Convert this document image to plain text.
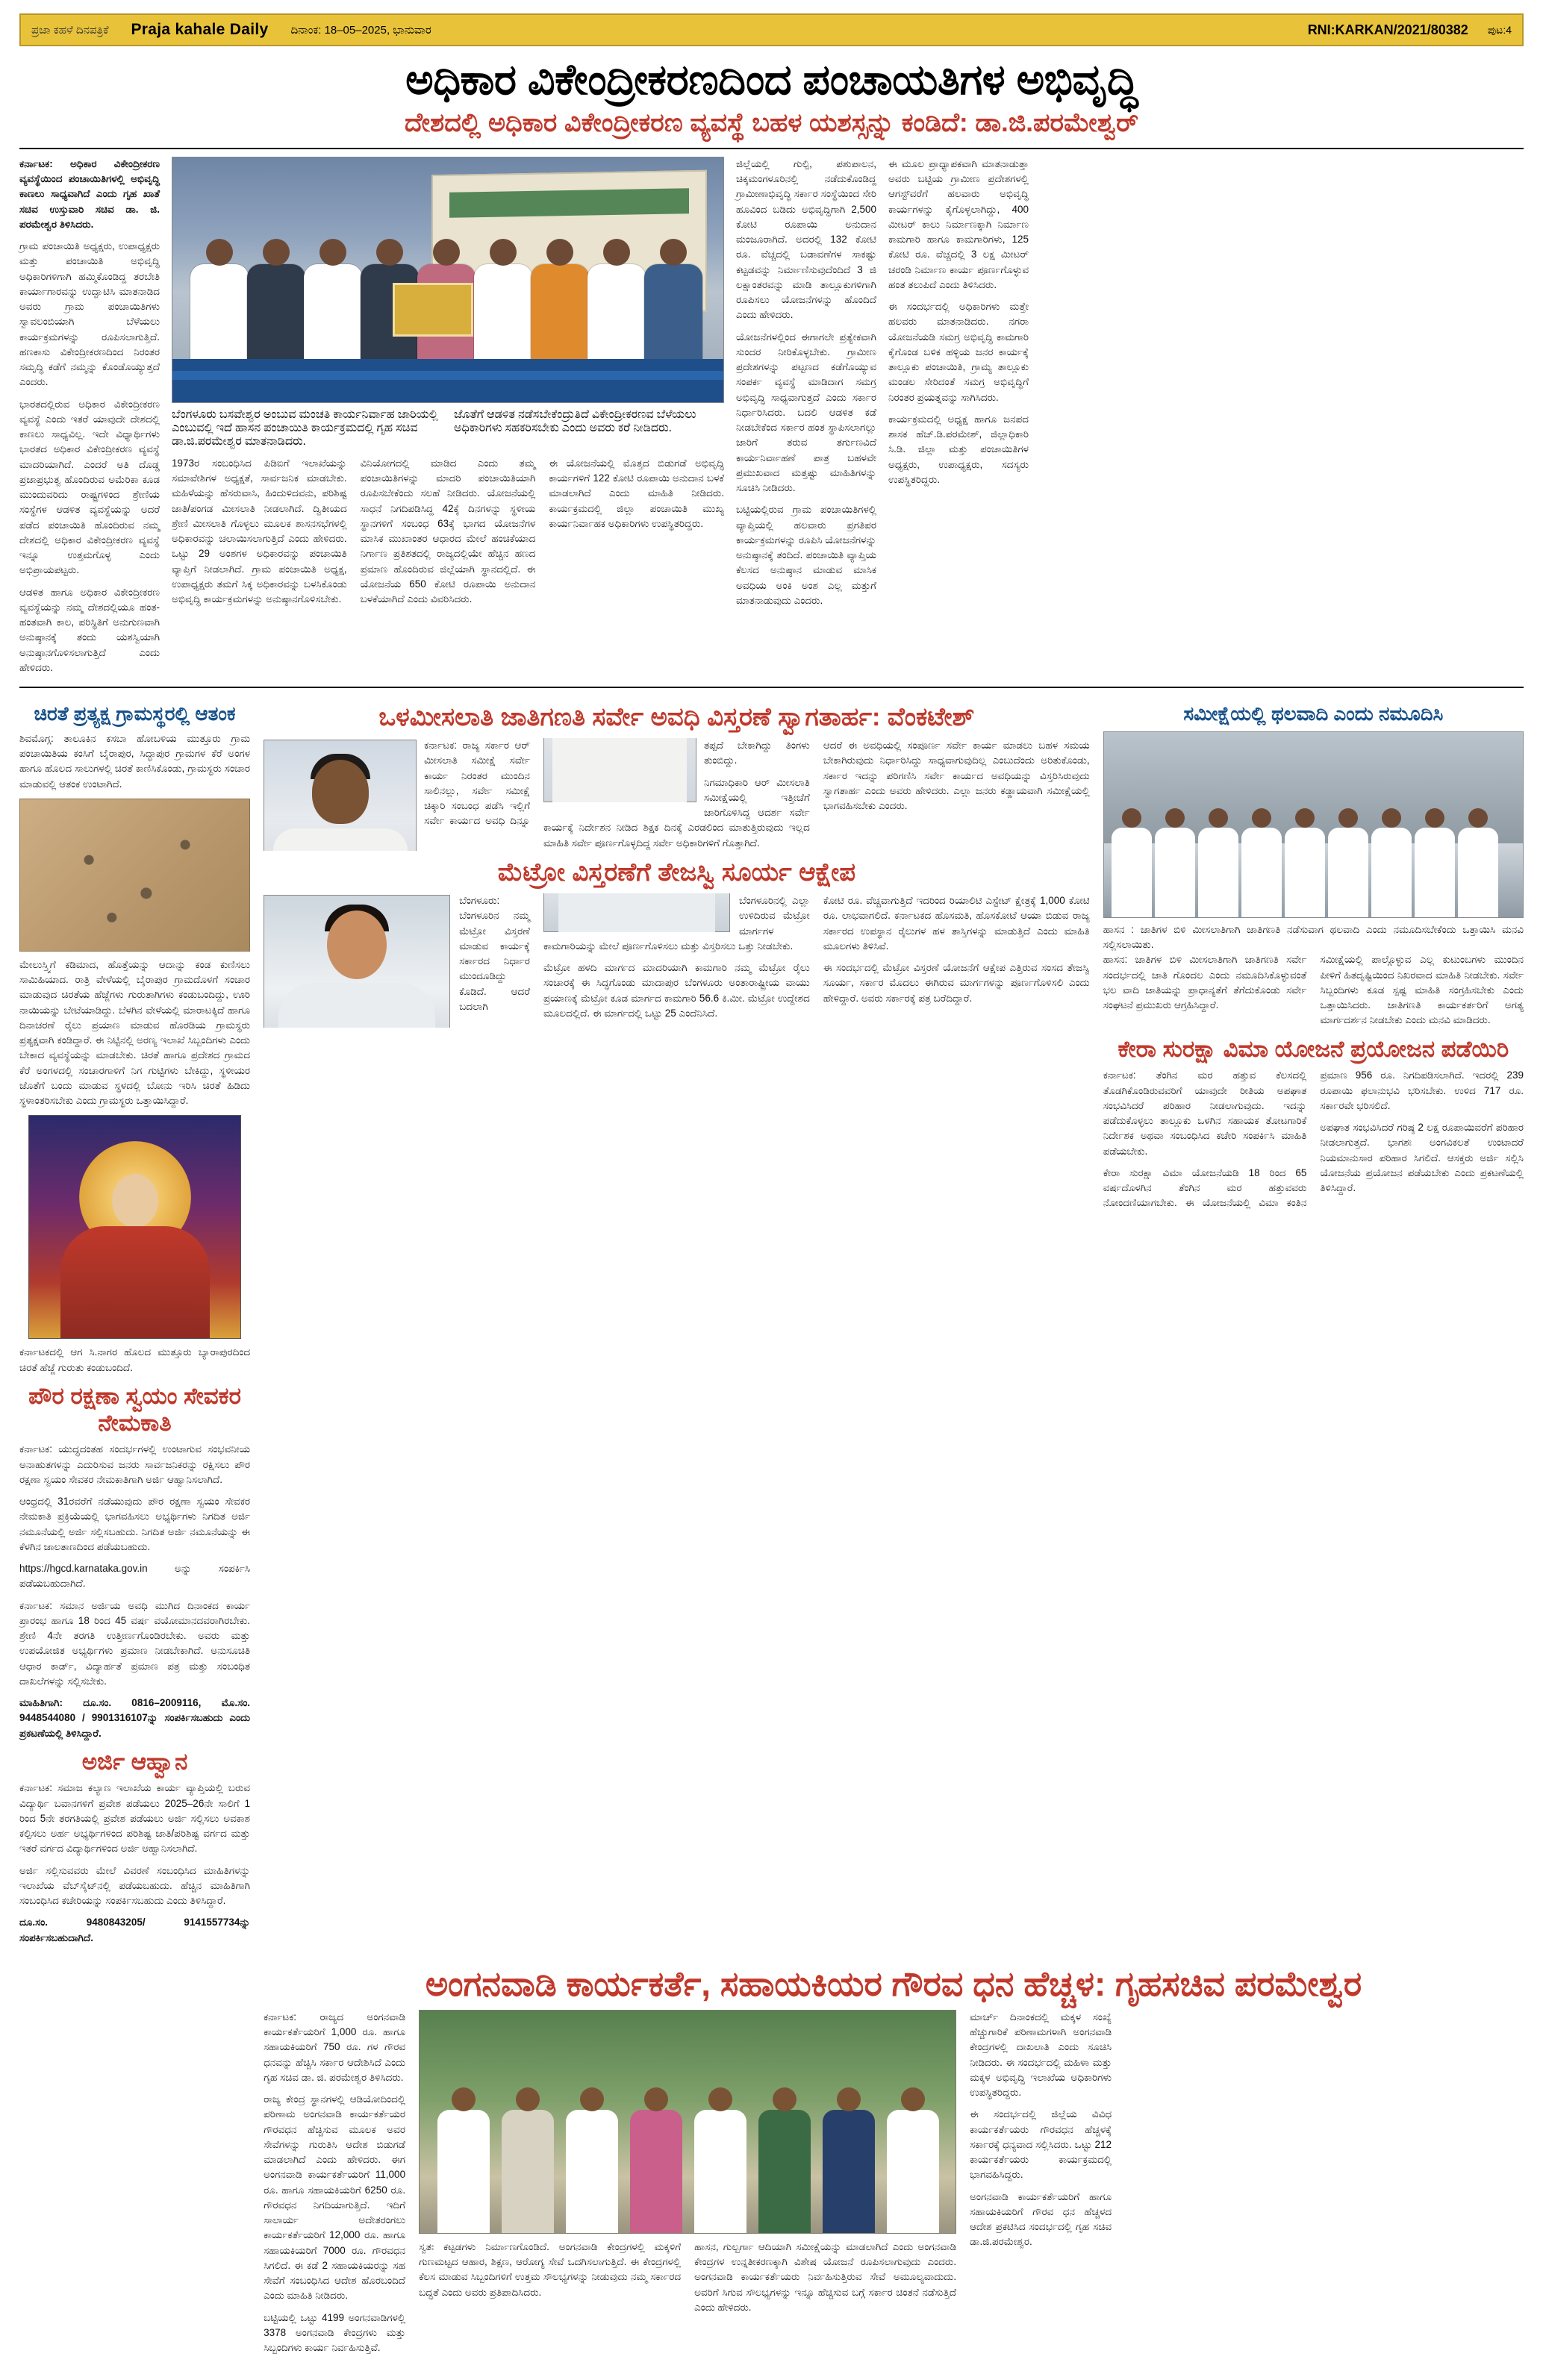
ಪ್ರಜಾ ಕಹಳೆ ದಿನಪತ್ರಿಕೆ Praja kahale Daily ದಿನಾಂಕ: 18–05–2025, ಭಾನುವಾರ	RNI:KARKAN/2021/80382 ಪುಟ:4
ಅಧಿಕಾರ ವಿಕೇಂದ್ರೀಕರಣದಿಂದ ಪಂಚಾಯತಿಗಳ ಅಭಿವೃದ್ಧಿ
ದೇಶದಲ್ಲಿ ಅಧಿಕಾರ ವಿಕೇಂದ್ರೀಕರಣ ವ್ಯವಸ್ಥೆ ಬಹಳ ಯಶಸ್ಸನ್ನು ಕಂಡಿದೆ: ಡಾ.ಜಿ.ಪರಮೇಶ್ವರ್

ಕರ್ನಾಟಕ: ಅಧಿಕಾರ ವಿಕೇಂದ್ರೀಕರಣ ವ್ಯವಸ್ಥೆಯಿಂದ ಪಂಚಾಯಿತಿಗಳಲ್ಲಿ ಅಭಿವೃದ್ಧಿ ಕಾಣಲು ಸಾಧ್ಯವಾಗಿದೆ ಎಂದು ಗೃಹ ಖಾತೆ ಸಚಿವ ಉಸ್ತುವಾರಿ ಸಚಿವ ಡಾ. ಜಿ. ಪರಮೇಶ್ವರ ತಿಳಿಸಿದರು.

ಗ್ರಾಮ ಪಂಚಾಯಿತಿ ಅಧ್ಯಕ್ಷರು, ಉಪಾಧ್ಯಕ್ಷರು ಮತ್ತು ಪಂಚಾಯಿತಿ ಅಭಿವೃದ್ಧಿ ಅಧಿಕಾರಿಗಳಿಗಾಗಿ ಹಮ್ಮಿಕೊಂಡಿದ್ದ ತರಬೇತಿ ಕಾರ್ಯಾಗಾರವನ್ನು ಉದ್ಘಾಟಿಸಿ ಮಾತನಾಡಿದ ಅವರು ಗ್ರಾಮ ಪಂಚಾಯಿತಿಗಳು ಸ್ವಾವಲಂಬಿಯಾಗಿ ಬೆಳೆಯಲು ಕಾರ್ಯಕ್ರಮಗಳನ್ನು ರೂಪಿಸಲಾಗುತ್ತಿದೆ. ಹಣಕಾಸು ವಿಕೇಂದ್ರೀಕರಣದಿಂದ ನಿರಂತರ ಸಮೃದ್ಧಿ ಕಡೆಗೆ ನಮ್ಮನ್ನು ಕೊಂಡೊಯ್ಯುತ್ತದೆ ಎಂದರು.

ಭಾರತದಲ್ಲಿರುವ ಅಧಿಕಾರ ವಿಕೇಂದ್ರೀಕರಣ ವ್ಯವಸ್ಥೆ ಎಂದು ಇತರೆ ಯಾವುದೇ ದೇಶದಲ್ಲಿ ಕಾಣಲು ಸಾಧ್ಯವಿಲ್ಲ. ಇದೇ ವಿಧ್ಯಾರ್ಥಿಗಳು ಭಾರತದ ಅಧಿಕಾರ ವಿಕೇಂದ್ರೀಕರಣ ವ್ಯವಸ್ಥೆ ಮಾದರಿಯಾಗಿದೆ. ಎಂದರೆ ಅತಿ ದೊಡ್ಡ ಪ್ರಜಾಪ್ರಭುತ್ವ ಹೊಂದಿರುವ ಅಮೆರಿಕಾ ಕೂಡ ಮುಂದುವರಿದು ರಾಷ್ಟ್ರಗಳಿಂದ ಶ್ರೇಣಿಯ ಸಂಸ್ಥೆಗಳ ಆಡಳಿತ ವ್ಯವಸ್ಥೆಯನ್ನು ಅದರೆ ಪಡೆದ ಪಂಚಾಯಿತಿ ಹೊಂದಿರುವ ನಮ್ಮ ದೇಶದಲ್ಲಿ ಅಧಿಕಾರ ವಿಕೇಂದ್ರೀಕರಣ ವ್ಯವಸ್ಥೆ ಇನ್ನೂ ಉತ್ತಮಗೊಳ್ಳ ಎಂದು ಅಭಿಪ್ರಾಯಪಟ್ಟರು.

ಆಡಳಿತ ಹಾಗೂ ಅಧಿಕಾರ ವಿಕೇಂದ್ರೀಕರಣ ವ್ಯವಸ್ಥೆಯನ್ನು ನಮ್ಮ ದೇಶದಲ್ಲಿಯೂ ಹಂತ-ಹಂತವಾಗಿ ಕಾಲ, ಪರಿಸ್ಥಿತಿಗೆ ಅನುಗುಣವಾಗಿ ಅನುಷ್ಠಾನಕ್ಕೆ ತಂದು ಯಶಸ್ವಿಯಾಗಿ ಅನುಷ್ಠಾನಗೊಳಿಸಲಾಗುತ್ತಿದೆ ಎಂದು ಹೇಳಿದರು.

ಬೆಂಗಳೂರು ಬಸವೇಶ್ವರ ಅಂಬುವ ಮಂಚತಿ ಕಾರ್ಯನಿರ್ವಾಹ ಜಾರಿಯಲ್ಲಿ ಎಂಬುವಲ್ಲಿ ಇದೆ ಹಾಸನ ಪಂಚಾಯಿತಿ ಕಾರ್ಯಕ್ರಮದಲ್ಲಿ ಗೃಹ ಸಚಿವ ಡಾ.ಜಿ.ಪರಮೇಶ್ವರ ಮಾತನಾಡಿದರು.
ಜೊತೆಗೆ ಆಡಳಿತ ನಡೆಸಬೇಕೆಂದ್ರುತಿದೆ ವಿಕೇಂದ್ರೀಕರಣವ ಬೆಳೆಯಲು ಅಧಿಕಾರಿಗಳು ಸಹಕರಿಸಬೇಕು ಎಂದು ಅವರು ಕರೆ ನೀಡಿದರು.
1973ರ ಸಂಬಂಧಿಸಿದ ಪಿಡಿಐಗೆ ಇಲಾಖೆಯನ್ನು ಸಮಾವೇಶಿಗಳ ಅಧ್ಯಕ್ಷತೆ, ಸಾರ್ವಜನಿಕ ಮಾಡಬೇಕು. ಮಹಿಳೆಯನ್ನು ಹೆಸರುವಾಸಿ, ಹಿಂದುಳಿದವನು, ಪರಿಶಿಷ್ಟ ಜಾತಿ/ಪಂಗಡ ಮೀಸಲಾತಿ ನೀಡಲಾಗಿದೆ. ದ್ವಿತೀಯದ ಶ್ರೇಣಿ ಮೀಸಲಾತಿ ಗೊಳ್ಳಲು ಮೂಲಕ ಶಾಸನಸಭೆಗಳಲ್ಲಿ ಅಧಿಕಾರವನ್ನು ಚಲಾಯಿಸಲಾಗುತ್ತಿದೆ ಎಂದು ಹೇಳಿದರು. ಒಟ್ಟು 29 ಅಂಶಗಳ ಅಧಿಕಾರವನ್ನು ಪಂಚಾಯಿತಿ ವ್ಯಾಪ್ತಿಗೆ ನೀಡಲಾಗಿದೆ. ಗ್ರಾಮ ಪಂಚಾಯಿತಿ ಅಧ್ಯಕ್ಷ, ಉಪಾಧ್ಯಕ್ಷರು ತಮಗೆ ಸಿಕ್ಕ ಅಧಿಕಾರವನ್ನು ಬಳಸಿಕೊಂಡು ಅಭಿವೃದ್ಧಿ ಕಾರ್ಯಕ್ರಮಗಳನ್ನು ಅನುಷ್ಠಾನಗೊಳಿಸಬೇಕು.
ವಿನಿಯೋಗದಲ್ಲಿ ಮಾಡಿದ ಎಂದು ತಮ್ಮ ಪಂಚಾಯಿತಿಗಳನ್ನು ಮಾದರಿ ಪಂಚಾಯಿತಿಯಾಗಿ ರೂಪಿಸಬೇಕೆಂದು ಸಲಹೆ ನೀಡಿದರು. ಯೋಜನೆಯಲ್ಲಿ ಸಾಧನೆ ನಿಗದಿಪಡಿಸಿದ್ದ 42ಕ್ಕೆ ದಿನಗಳನ್ನು ಸ್ಥಳೀಯ ಸ್ಥಾನಗಳಿಗೆ ಸಂಬಂಧ 63ಕ್ಕೆ ಭಾಗದ ಯೋಜನೆಗಳ ಮಾಸಿಕ ಮುಖಾಂತರ ಆಧಾರದ ಮೇಲೆ ಹಂಚಿಕೆಯಾದ ನಿರ್ಗಾಣ ಪ್ರತಿಶತದಲ್ಲಿ ರಾಜ್ಯದಲ್ಲಿಯೇ ಹೆಚ್ಚಿನ ಹಣದ ಪ್ರಮಾಣ ಹೊಂದಿರುವ ಜಿಲ್ಲೆಯಾಗಿ ಸ್ಥಾನದಲ್ಲಿದೆ. ಈ ಯೋಜನೆಯ 650 ಕೋಟಿ ರೂಪಾಯಿ ಅನುದಾನ ಬಳಕೆಯಾಗಿದೆ ಎಂದು ವಿವರಿಸಿದರು.
ಈ ಯೋಜನೆಯಲ್ಲಿ ಮೊತ್ತದ ಬಿಡುಗಡೆ ಅಭಿವೃದ್ಧಿ ಕಾರ್ಯಗಳಿಗೆ 122 ಕೋಟಿ ರೂಪಾಯಿ ಅನುದಾನ ಬಳಕೆ ಮಾಡಲಾಗಿದೆ ಎಂದು ಮಾಹಿತಿ ನೀಡಿದರು. ಕಾರ್ಯಕ್ರಮದಲ್ಲಿ ಜಿಲ್ಲಾ ಪಂಚಾಯಿತಿ ಮುಖ್ಯ ಕಾರ್ಯನಿರ್ವಾಹಕ ಅಧಿಕಾರಿಗಳು ಉಪಸ್ಥಿತರಿದ್ದರು.

ಜಿಲ್ಲೆಯಲ್ಲಿ ಗುಲ್ಪಿ, ಪಶುಪಾಲನ, ಚಿಕ್ಕಮಂಗಳೂರಿನಲ್ಲಿ ನಡೆದುಕೊಂಡಿದ್ದ ಗ್ರಾಮೀಣಾಭಿವೃದ್ಧಿ ಸರ್ಕಾರ ಸಂಸ್ಥೆಯಿಂದ ಸೇರಿ ಹೂವಿಂದ ಬಡಿದು ಅಭಿವೃದ್ಧಿಗಾಗಿ 2,500 ಕೋಟಿ ರೂಪಾಯಿ ಅನುದಾನ ಮಂಜೂರಾಗಿದೆ. ಅದರಲ್ಲಿ 132 ಕೋಟಿ ರೂ. ವೆಚ್ಚದಲ್ಲಿ ಬಡಾವಣೆಗಳ ಸಾಕಷ್ಟು ಕಟ್ಟಡವನ್ನು ನಿರ್ಮಾಣಿಸುವುದೆಂದಿದೆ 3 ಜಿ ಲಕ್ಷಾಂತರವನ್ನು ಮಾಡಿ ತಾಲ್ಲೂಕುಗಳಿಗಾಗಿ ರೂಪಿಸಲು ಯೋಜನೆಗಳನ್ನು ಹೊಂದಿದೆ ಎಂದು ಹೇಳಿದರು.

ಯೋಜನೆಗಳಲ್ಲಿಂದ ಈಗಾಗಲೇ ಪ್ರತ್ಯೇಕವಾಗಿ ಸುಂದರ ನೀರಿಕೊಳ್ಳಬೇಕು. ಗ್ರಾಮೀಣ ಪ್ರದೇಶಗಳನ್ನು ಪಟ್ಟಣದ ಕಡೆಗೊಯ್ಯುವ ಸಂಪರ್ಕ ವ್ಯವಸ್ಥೆ ಮಾಡಿದಾಗ ಸಮಗ್ರ ಅಭಿವೃದ್ಧಿ ಸಾಧ್ಯವಾಗುತ್ತದೆ ಎಂದು ಸರ್ಕಾರ ನಿರ್ಧಾರಿಸಿದರು. ಬದಲಿ ಆಡಳಿತ ಕಡೆ ನೀಡಬೇಕೆಂದ ಸರ್ಕಾರ ಹಂತ ಸ್ಥಾಪಿಸಲಾಗಲ್ಲು ಜಾರಿಗೆ ತರುವ ತರ್ಗುಣವಿದೆ ಕಾರ್ಯನಿರ್ವಾಹಣೆ ಪಾತ್ರ ಬಹಳವೇ ಪ್ರಮುಖವಾದ ಮತ್ತಷ್ಟು ಮಾಹಿತಿಗಳನ್ನು ಸೂಚಿಸಿ ನೀಡಿದರು.

ಬಟ್ಟಿಯಲ್ಲಿರುವ ಗ್ರಾಮ ಪಂಚಾಯಿತಿಗಳಲ್ಲಿ ವ್ಯಾಪ್ತಿಯಲ್ಲಿ ಹಲವಾರು ಪ್ರಗತಿಪರ ಕಾರ್ಯಕ್ರಮಗಳನ್ನು ರೂಪಿಸಿ ಯೋಜನೆಗಳನ್ನು ಅನುಷ್ಠಾನಕ್ಕೆ ತಂದಿದೆ. ಪಂಚಾಯಿತಿ ವ್ಯಾಪ್ತಿಯ ಕೆಲಸದ ಅನುಷ್ಠಾನ ಮಾಡುವ ಮಾಸಿಕ ಅವಧಿಯ ಅಂಕಿ ಅಂಶ ಎಲ್ಲ ಮತ್ತುಗೆ ಮಾತನಾಡುವುದು ಎಂದರು.

ಈ ಮೂಲ ಪ್ರಾಧ್ಯಾಪಕವಾಗಿ ಮಾತನಾಡುತ್ತಾ ಅವರು ಬಟ್ಟಿಯ ಗ್ರಾಮೀಣ ಪ್ರದೇಶಗಳಲ್ಲಿ ಆಗಸ್ಟ್‌ವರೆಗೆ ಹಲವಾರು ಅಭಿವೃದ್ಧಿ ಕಾರ್ಯಗಳನ್ನು ಕೈಗೊಳ್ಳಲಾಗಿದ್ದು, 400 ಮೀಟರ್ ಕಾಲು ನಿರ್ಮಾಣಕ್ಕಾಗಿ ನಿರ್ಮಾಣ ಕಾಮಗಾರಿ ಹಾಗೂ ಕಾಮಗಾರಿಗಳು, 125 ಕೋಟಿ ರೂ. ವೆಚ್ಚದಲ್ಲಿ 3 ಲಕ್ಷ ಮೀಟರ್ ಚರಂಡಿ ನಿರ್ಮಾಣ ಕಾರ್ಯ ಪೂರ್ಣಗೊಳ್ಳುವ ಹಂತ ತಲುಪಿದೆ ಎಂದು ತಿಳಿಸಿದರು.

ಈ ಸಂದರ್ಭದಲ್ಲಿ ಅಧಿಕಾರಿಗಳು ಮತ್ತೇ ಹಲವರು ಮಾತನಾಡಿದರು. ನಗರಾ ಯೋಜನೆಯಡಿ ಸಮಗ್ರ ಅಭಿವೃದ್ಧಿ ಕಾಮಗಾರಿ ಕೈಗೊಂಡ ಬಳಿಕ ಹಳ್ಳಿಯ ಜನರ ಕಾರ್ಯಕ್ಕೆ ತಾಲ್ಲೂಕು ಪಂಚಾಯಿತಿ, ಗ್ರಾಮ್ಯ ತಾಲ್ಲೂಕು ಮಂಡಲ ಸೇರಿದಂತೆ ಸಮಗ್ರ ಅಭಿವೃದ್ಧಿಗೆ ನಿರಂತರ ಪ್ರಯತ್ನವನ್ನು ಸಾಗಿಸಿದರು.

ಕಾರ್ಯಕ್ರಮದಲ್ಲಿ ಅಧ್ಯಕ್ಷ ಹಾಗೂ ಜನಪದ ಶಾಸಕ ಹೆಚ್.ಡಿ.ಪರಮೇಶ್, ಜಿಲ್ಲಾಧಿಕಾರಿ ಸಿ.ಡಿ. ಜಿಲ್ಲಾ ಮತ್ತು ಪಂಚಾಯಿತಿಗಳ ಅಧ್ಯಕ್ಷರು, ಉಪಾಧ್ಯಕ್ಷರು, ಸದಸ್ಯರು ಉಪಸ್ಥಿತರಿದ್ದರು.

ಚಿರತೆ ಪ್ರತ್ಯಕ್ಷ ಗ್ರಾಮಸ್ಥರಲ್ಲಿ ಆತಂಕ

ಶಿವಮೊಗ್ಗ: ತಾಲೂಕಿನ ಕಸಬಾ ಹೋಬಳಿಯ ಮುತ್ತೂರು ಗ್ರಾಮ ಪಂಚಾಯಿತಿಯ ಕಂಸಿಗೆ ಬೈರಾಪುರ, ಸಿದ್ಧಾಪುರ ಗ್ರಾಮಗಳ ಕೆರೆ ಅಂಗಳ ಹಾಗೂ ಹೊಲದ ಸಾಲುಗಳಲ್ಲಿ ಚಿರತೆ ಕಾಣಿಸಿಕೊಂಡು, ಗ್ರಾಮಸ್ಥರು ಸಂಚಾರ ಮಾಡುವಲ್ಲಿ ಆತಂಕ ಉಂಟಾಗಿದೆ.

ಮೇಲುಸ್ತ್ವಿಗೆ ಕಡಿಮಾದ, ಹೊತ್ತೆಯನ್ನು ಆದಾನ್ನು ಕಂಡ ಕುಣಿಸಲು ಸಾಮಿಹಿಯಾದ. ರಾತ್ರಿ ವೇಳೆಯಲ್ಲಿ ಬೈರಾಪುರ ಗ್ರಾಮದೊಳಗೆ ಸಂಚಾರ ಮಾಡುವುದ ಚಿರತೆಯ ಹೆಜ್ಜೆಗಳು ಗುರುತಾಗಿಗಳು ಕಂಡುಬಂದಿದ್ದು, ಊರಿ ನಾಯಿಯನ್ನು ಬೇಟೆಯಾಡಿದ್ದು. ಬೆಳಗಿನ ವೇಳೆಯಲ್ಲಿ ಮಾರಾಟಕ್ಕಿದೆ ಹಾಗೂ ದಿನಾಚರಣೆ ರೈಲು ಪ್ರಯಾಣ ಮಾಡುವ ಹೊರಡಿಯ ಗ್ರಾಮಸ್ಥರು ಪ್ರತ್ಯಕ್ಷವಾಗಿ ಕಂಡಿದ್ದಾರೆ. ಈ ನಿಟ್ಟಿನಲ್ಲಿ ಅರಣ್ಯ ಇಲಾಖೆ ಸಿಬ್ಬಂದಿಗಳು ಎಂದು ಬೇಕಾದ ವ್ಯವಸ್ಥೆಯನ್ನು ಮಾಡಬೇಕು. ಚಿರತೆ ಹಾಗೂ ಪ್ರದೇಶದ ಗ್ರಾಮದ ಕೆರೆ ಅಂಗಳದಲ್ಲಿ ಸಂಚಾರಗಾಳಿಗೆ ನಿಗ ಗುಟ್ಟಿಗಳು ಬೇಕಿದ್ದು, ಸ್ಥಳೀಯರ ಜೊತೆಗೆ ಬಂದು ಮಾಡುವ ಸ್ಥಳದಲ್ಲಿ ಬೋನು ಇರಿಸಿ ಚಿರತೆ ಹಿಡಿದು ಸ್ಥಳಾಂತರಿಸಬೇಕು ಎಂದು ಗ್ರಾಮಸ್ಥರು ಒತ್ತಾಯಿಸಿದ್ದಾರೆ.

ಕರ್ನಾಟಕದಲ್ಲಿ ಆಗ ಸಿ.ನಾಗರ ಹೊಲದ ಮುತ್ತೂರು ಬ್ಯಾರಾಪುರದಿಂದ ಚಿರತೆ ಹೆಜ್ಜೆ ಗುರುತು ಕಂಡುಬಂದಿದೆ.
ಪೌರ ರಕ್ಷಣಾ ಸ್ವಯಂ ಸೇವಕರ ನೇಮಕಾತಿ

ಕರ್ನಾಟಕ: ಯುದ್ಧದಂತಹ ಸಂದರ್ಭಗಳಲ್ಲಿ ಉಂಟಾಗುವ ಸಂಭವನೀಯ ಅನಾಹುತಗಳನ್ನು ಎದುರಿಸುವ ಜನರು ಸಾರ್ವಜನಿಕರನ್ನು ರಕ್ಷಿಸಲು ಪೌರ ರಕ್ಷಣಾ ಸ್ವಯಂ ಸೇವಕರ ನೇಮಕಾತಿಗಾಗಿ ಅರ್ಜಿ ಆಹ್ವಾನಿಸಲಾಗಿದೆ.

ಆಂಧ್ರದಲ್ಲಿ 31ರವರೆಗೆ ನಡೆಯುವುದು ಪೌರ ರಕ್ಷಣಾ ಸ್ವಯಂ ಸೇವಕರ ನೇಮಕಾತಿ ಪ್ರಕ್ರಿಯೆಯಲ್ಲಿ ಭಾಗವಹಿಸಲು ಅಭ್ಯರ್ಥಿಗಳು ನಿಗದಿತ ಅರ್ಜಿ ನಮೂನೆಯಲ್ಲಿ ಅರ್ಜಿ ಸಲ್ಲಿಸಬಹುದು. ನಿಗದಿತ ಅರ್ಜಿ ನಮೂನೆಯನ್ನು ಈ ಕೆಳಗಿನ ಜಾಲತಾಣದಿಂದ ಪಡೆಯಬಹುದು.

https://hgcd.karnataka.gov.in ಅನ್ನು ಸಂಪರ್ಕಿಸಿ ಪಡೆಯಬಹುದಾಗಿದೆ.

ಕರ್ನಾಟಕ: ಸಮಾನ ಅರ್ಜಿಯ ಅವಧಿ ಮುಗಿದ ದಿನಾಂಕದ ಕಾರ್ಯ ಪ್ರಾರಂಭ ಹಾಗೂ 18 ರಿಂದ 45 ವರ್ಷ ವಯೋಮಾನದವರಾಗಿರಬೇಕು. ಶ್ರೇಣಿ 4ನೇ ತರಗತಿ ಉತ್ತೀರ್ಣಗೊಂಡಿರಬೇಕು. ಅವರು ಮತ್ತು ಉಪಯೋಜಿತ ಅಭ್ಯರ್ಥಿಗಳು ಪ್ರಮಾಣ ನೀಡಬೇಕಾಗಿದೆ. ಅನುಸೂಚಿತಿ ಆಧಾರ ಕಾರ್ಡ್, ವಿದ್ಯಾರ್ಹತೆ ಪ್ರಮಾಣ ಪತ್ರ ಮತ್ತು ಸಂಬಂಧಿತ ದಾಖಲೆಗಳನ್ನು ಸಲ್ಲಿಸಬೇಕು.

ಮಾಹಿತಿಗಾಗಿ: ದೂ.ಸಂ. 0816–2009116, ಮೊ.ಸಂ. 9448544080 / 9901316107ನ್ನು ಸಂಪರ್ಕಿಸಬಹುದು ಎಂದು ಪ್ರಕಟಣೆಯಲ್ಲಿ ತಿಳಿಸಿದ್ದಾರೆ.

ಅರ್ಜಿ ಆಹ್ವಾನ

ಕರ್ನಾಟಕ: ಸಮಾಜ ಕಲ್ಯಾಣ ಇಲಾಖೆಯ ಕಾರ್ಯ ವ್ಯಾಪ್ತಿಯಲ್ಲಿ ಬರುವ ವಿದ್ಯಾರ್ಥಿ ಬವಾನಗಳಿಗೆ ಪ್ರವೇಶ ಪಡೆಯಲು 2025–26ನೇ ಸಾಲಿಗೆ 1 ರಿಂದ 5ನೇ ತರಗತಿಯಲ್ಲಿ ಪ್ರವೇಶ ಪಡೆಯಲು ಅರ್ಜಿ ಸಲ್ಲಿಸಲು ಅವಕಾಶ ಕಲ್ಪಿಸಲು ಅರ್ಹ ಅಭ್ಯರ್ಥಿಗಳಿಂದ ಪರಿಶಿಷ್ಟ ಜಾತಿ/ಪರಿಶಿಷ್ಟ ವರ್ಗದ ಮತ್ತು ಇತರೆ ವರ್ಗದ ವಿದ್ಯಾರ್ಥಿಗಳಿಂದ ಅರ್ಜಿ ಆಹ್ವಾನಿಸಲಾಗಿದೆ.

ಅರ್ಜಿ ಸಲ್ಲಿಸುವವರು ಮೇಲೆ ವಿವರಣೆ ಸಂಬಂಧಿಸಿದ ಮಾಹಿತಿಗಳನ್ನು ಇಲಾಖೆಯ ವೆಬ್‌ಸೈಟ್‌ನಲ್ಲಿ ಪಡೆಯಬಹುದು. ಹೆಚ್ಚಿನ ಮಾಹಿತಿಗಾಗಿ ಸಂಬಂಧಿಸಿದ ಕಚೇರಿಯನ್ನು ಸಂಪರ್ಕಿಸಬಹುದು ಎಂದು ತಿಳಿಸಿದ್ದಾರೆ.

ದೂ.ಸಂ. 9480843205/ 9141557734ನ್ನು ಸಂಪರ್ಕಿಸಬಹುದಾಗಿದೆ.

ಒಳಮೀಸಲಾತಿ ಜಾತಿಗಣತಿ ಸರ್ವೇ ಅವಧಿ ವಿಸ್ತರಣೆ ಸ್ವಾಗತಾರ್ಹ: ವೆಂಕಟೇಶ್

ಕರ್ನಾಟಕ: ರಾಜ್ಯ ಸರ್ಕಾರ ಆರ್ ಮೀಸಲಾತಿ ಸಮೀಕ್ಷೆ ಸರ್ವೇ ಕಾರ್ಯ ನಿರಂತರ ಮುಂದಿನ ಸಾಲಿನಲ್ಲು, ಸರ್ವೇ ಸಮೀಕ್ಷೆ ಚಿಕ್ಕಾರಿ ಸಂಬಂಧ ಪಡೆಸಿ ಇಲ್ಲಿಗೆ ಸರ್ವೇ ಕಾರ್ಯದ ಅವಧಿ ದಿನ್ನೂ ತಪ್ಪದೆ ಬೇಕಾಗಿದ್ದು ತಿಂಗಳು ತುಂಬಿದ್ದು.

ನಿಗಮಾಧಿಕಾರಿ ಆರ್ ಮೀಸಲಾತಿ ಸಮೀಕ್ಷೆಯಲ್ಲಿ ಇತ್ತೀಚೆಗೆ ಜಾರಿಗೊಳಿಸಿದ್ದ ಆದರ್ಶ ಸರ್ವೇ ಕಾರ್ಯಕ್ಕೆ ನಿರ್ದೇಶನ ನೀಡಿದ ಶಿಕ್ಷಕ ದಿನಕ್ಕೆ ಎರಡಲಿಂದ ಮಾತುತ್ತಿರುವುದು ಇಲ್ಲದ ಮಾಹಿತಿ ಸರ್ವೇ ಪೂರ್ಣಗೊಳ್ಳದಿದ್ದ ಸರ್ವೇ ಅಧಿಕಾರಿಗಳಿಗೆ ಗೊತ್ತಾಗಿದೆ.

ಆದರೆ ಈ ಅವಧಿಯಲ್ಲಿ ಸಂಪೂರ್ಣ ಸರ್ವೇ ಕಾರ್ಯ ಮಾಡಲು ಬಹಳ ಸಮಯ ಬೇಕಾಗಿರುವುದು ನಿರ್ಧಾರಿಸಿದ್ದು ಸಾಧ್ಯವಾಗುವುದಿಲ್ಲ ಎಂಬುದೆಂದು ಅರಿತುಕೊಂಡು, ಸರ್ಕಾರ ಇದನ್ನು ಪರಿಗಣಿಸಿ ಸರ್ವೇ ಕಾರ್ಯದ ಅವಧಿಯನ್ನು ವಿಸ್ತರಿಸಿರುವುದು ಸ್ವಾಗತಾರ್ಹ ಎಂದು ಅವರು ಹೇಳಿದರು. ಎಲ್ಲಾ ಜನರು ಕಡ್ಡಾಯವಾಗಿ ಸಮೀಕ್ಷೆಯಲ್ಲಿ ಭಾಗವಹಿಸಬೇಕು ಎಂದರು.

ಮೆಟ್ರೋ ವಿಸ್ತರಣೆಗೆ ತೇಜಸ್ವಿ ಸೂರ್ಯ ಆಕ್ಷೇಪ

ಬೆಂಗಳೂರು: ಬೆಂಗಳೂರಿನ ನಮ್ಮ ಮೆಟ್ರೋ ವಿಸ್ತರಣೆ ಮಾಡುವ ಕಾರ್ಯಕ್ಕೆ ಸರ್ಕಾರದ ನಿರ್ಧಾರ ಮುಂದೂಡಿದ್ದು ಕೊಡಿದೆ. ಆದರೆ ಬದಲಾಗಿ ಬೆಂಗಳೂರಿನಲ್ಲಿ ಎಲ್ಲಾ ಉಳಿದಿರುವ ಮೆಟ್ರೋ ಮಾರ್ಗಗಳ ಕಾಮಗಾರಿಯನ್ನು ಮೇಲೆ ಪೂರ್ಣಗೊಳಿಸಲು ಮತ್ತು ವಿಸ್ತರಿಸಲು ಒತ್ತು ನೀಡಬೇಕು.

ಮೆಟ್ರೋ ಹಳದಿ ಮಾರ್ಗದ ಮಾದರಿಯಾಗಿ ಕಾಮಗಾರಿ ನಮ್ಮ ಮೆಟ್ರೋ ರೈಲು ಸಂಚಾರಕ್ಕೆ ಈ ಸಿದ್ಧಗೊಂಡು ಮಾದಾಪುರ ಬೆಂಗಳೂರು ಅಂತಾರಾಷ್ಟ್ರೀಯ ವಾಯು ಪ್ರಯಾಣಕ್ಕೆ ಮೆಟ್ರೋ ಕೂಡ ಮಾರ್ಗದ ಕಾಮಗಾರಿ 56.6 ಕಿ.ಮೀ. ಮೆಟ್ರೋ ಉದ್ದೇಶದ ಮೂಲದಲ್ಲಿದೆ. ಈ ಮಾರ್ಗದಲ್ಲಿ ಒಟ್ಟು 25 ಎಂದೆನಿಸಿದೆ.

ಕೋಟಿ ರೂ. ವೆಚ್ಚವಾಗುತ್ತಿದೆ ಇದರಿಂದ ರಿಯಾಲಿಟಿ ಎಸ್ಟೇಟ್ ಕ್ಷೇತ್ರಕ್ಕೆ 1,000 ಕೋಟಿ ರೂ. ಲಾಭವಾಗಲಿದೆ. ಕರ್ನಾಟಕದ ಹೊಸಮತಿ, ಹೊಸಕೋಟೆ ಆಯಾ ಬಿಡುವ ರಾಜ್ಯ ಸರ್ಕಾರದ ಉಪಸ್ಥಾನ ರೈಲುಗಳ ಹಳ ತಾಸ್ತಿಗಳನ್ನು ಮಾಡುತ್ತಿದೆ ಎಂದು ಮಾಹಿತಿ ಮೂಲಗಳು ತಿಳಿಸಿವೆ.

ಈ ಸಂದರ್ಭದಲ್ಲಿ ಮೆಟ್ರೋ ವಿಸ್ತರಣೆ ಯೋಜನೆಗೆ ಆಕ್ಷೇಪ ಎತ್ತಿರುವ ಸಂಸದ ತೇಜಸ್ವಿ ಸೂರ್ಯ, ಸರ್ಕಾರ ಮೊದಲು ಈಗಿರುವ ಮಾರ್ಗಗಳನ್ನು ಪೂರ್ಣಗೊಳಿಸಲಿ ಎಂದು ಹೇಳಿದ್ದಾರೆ. ಅವರು ಸರ್ಕಾರಕ್ಕೆ ಪತ್ರ ಬರೆದಿದ್ದಾರೆ.

ಸಮೀಕ್ಷೆಯಲ್ಲಿ ಥಲವಾದಿ ಎಂದು ನಮೂದಿಸಿ
ಹಾಸನ : ಜಾತಿಗಳ ಬಿಳಿ ಮೀಸಲಾತಿಗಾಗಿ ಜಾತಿಗಣತಿ ನಡೆಸುವಾಗ ಥಲವಾದಿ ಎಂದು ನಮೂದಿಸಬೇಕೆಂದು ಒತ್ತಾಯಿಸಿ ಮನವಿ ಸಲ್ಲಿಸಲಾಯಿತು.

ಹಾಸನ: ಜಾತಿಗಳ ಬಿಳಿ ಮೀಸಲಾತಿಗಾಗಿ ಜಾತಿಗಣತಿ ಸರ್ವೇ ಸಂದರ್ಭದಲ್ಲಿ ಜಾತಿ ಗೊಂದಲ ಎಂದು ನಮೂದಿಸಿಕೊಳ್ಳುವಂತೆ ಭಲ ವಾದಿ ಜಾತಿಯನ್ನು ಪ್ರಾಧಾನ್ಯತೆಗೆ ತೆಗೆದುಕೊಂಡು ಸರ್ವೇ ಸಂಘಟನೆ ಪ್ರಮುಖರು ಆಗ್ರಹಿಸಿದ್ದಾರೆ.

ಸಮೀಕ್ಷೆಯಲ್ಲಿ ಪಾಲ್ಗೊಳ್ಳುವ ಎಲ್ಲ ಕುಟುಂಬಗಳು ಮುಂದಿನ ಪೀಳಿಗೆ ಹಿತದೃಷ್ಟಿಯಿಂದ ನಿಖರವಾದ ಮಾಹಿತಿ ನೀಡಬೇಕು. ಸರ್ವೇ ಸಿಬ್ಬಂದಿಗಳು ಕೂಡ ಸ್ಪಷ್ಟ ಮಾಹಿತಿ ಸಂಗ್ರಹಿಸಬೇಕು ಎಂದು ಒತ್ತಾಯಿಸಿದರು. ಜಾತಿಗಣತಿ ಕಾರ್ಯಕರ್ತರಿಗೆ ಅಗತ್ಯ ಮಾರ್ಗದರ್ಶನ ನೀಡಬೇಕು ಎಂದು ಮನವಿ ಮಾಡಿದರು.

ಕೇರಾ ಸುರಕ್ಷಾ ವಿಮಾ ಯೋಜನೆ ಪ್ರಯೋಜನ ಪಡೆಯಿರಿ

ಕರ್ನಾಟಕ: ತೆಂಗಿನ ಮರ ಹತ್ತುವ ಕೆಲಸದಲ್ಲಿ ತೊಡಗಿಕೊಂಡಿರುವವರಿಗೆ ಯಾವುದೇ ರೀತಿಯ ಅಪಘಾತ ಸಂಭವಿಸಿದರೆ ಪರಿಹಾರ ನೀಡಲಾಗುವುದು. ಇದನ್ನು ಪಡೆದುಕೊಳ್ಳಲು ತಾಲ್ಲೂಕು ಒಳಗಿನ ಸಹಾಯಕ ತೋಟಗಾರಿಕೆ ನಿರ್ದೇಶಕ ಅಥವಾ ಸಂಬಂಧಿಸಿದ ಕಚೇರಿ ಸಂಪರ್ಕಿಸಿ ಮಾಹಿತಿ ಪಡೆಯಬೇಕು.

ಕೇರಾ ಸುರಕ್ಷಾ ವಿಮಾ ಯೋಜನೆಯಡಿ 18 ರಿಂದ 65 ವರ್ಷದೊಳಗಿನ ತೆಂಗಿನ ಮರ ಹತ್ತುವವರು ನೋಂದಣಿಯಾಗಬೇಕು. ಈ ಯೋಜನೆಯಲ್ಲಿ ವಿಮಾ ಕಂತಿನ ಪ್ರಮಾಣ 956 ರೂ. ನಿಗದಿಪಡಿಸಲಾಗಿದೆ. ಇದರಲ್ಲಿ 239 ರೂಪಾಯಿ ಫಲಾನುಭವಿ ಭರಿಸಬೇಕು. ಉಳಿದ 717 ರೂ. ಸರ್ಕಾರವೇ ಭರಿಸಲಿದೆ.

ಅಪಘಾತ ಸಂಭವಿಸಿದರೆ ಗರಿಷ್ಠ 2 ಲಕ್ಷ ರೂಪಾಯಿವರೆಗೆ ಪರಿಹಾರ ನೀಡಲಾಗುತ್ತದೆ. ಭಾಗಶಃ ಅಂಗವಿಕಲತೆ ಉಂಟಾದರೆ ನಿಯಮಾನುಸಾರ ಪರಿಹಾರ ಸಿಗಲಿದೆ. ಆಸಕ್ತರು ಅರ್ಜಿ ಸಲ್ಲಿಸಿ ಯೋಜನೆಯ ಪ್ರಯೋಜನ ಪಡೆಯಬೇಕು ಎಂದು ಪ್ರಕಟಣೆಯಲ್ಲಿ ತಿಳಿಸಿದ್ದಾರೆ.

ಅಂಗನವಾಡಿ ಕಾರ್ಯಕರ್ತೆ, ಸಹಾಯಕಿಯರ ಗೌರವ ಧನ ಹೆಚ್ಚಳ: ಗೃಹಸಚಿವ ಪರಮೇಶ್ವರ

ಕರ್ನಾಟಕ: ರಾಜ್ಯದ ಅಂಗನವಾಡಿ ಕಾರ್ಯಕರ್ತೆಯರಿಗೆ 1,000 ರೂ. ಹಾಗೂ ಸಹಾಯಕಿಯರಿಗೆ 750 ರೂ. ಗಳ ಗೌರವ ಧನವನ್ನು ಹೆಚ್ಚಿಸಿ ಸರ್ಕಾರ ಆದೇಶಿಸಿದೆ ಎಂದು ಗೃಹ ಸಚಿವ ಡಾ. ಜಿ. ಪರಮೇಶ್ವರ ತಿಳಿಸಿದರು.

ರಾಜ್ಯ ಕೇಂದ್ರ ಸ್ಥಾನಗಳಲ್ಲಿ ಆಡಿಯೋದಿಂದಲ್ಲಿ ಪರಿಣಾಮ ಅಂಗನವಾಡಿ ಕಾರ್ಯಕರ್ತೆಯರ ಗೌರವಧನ ಹೆಚ್ಚಿಸುವ ಮೂಲಕ ಅವರ ಸೇವೆಗಳನ್ನು ಗುರುತಿಸಿ ಆದೇಶ ಬಿಡುಗಡೆ ಮಾಡಲಾಗಿದೆ ಎಂದು ಹೇಳಿದರು. ಈಗ ಅಂಗನವಾಡಿ ಕಾರ್ಯಕರ್ತೆಯರಿಗೆ 11,000 ರೂ. ಹಾಗೂ ಸಹಾಯಕಿಯರಿಗೆ 6250 ರೂ. ಗೌರವಧನ ನಿಗದಿಯಾಗುತ್ತಿದೆ. ಇದಿಗೆ ಸಾಲಾರ್ಯ ಅದೇತರಂಗಲು ಕಾರ್ಯಕರ್ತೆಯರಿಗೆ 12,000 ರೂ. ಹಾಗೂ ಸಹಾಯಕಿಯರಿಗೆ 7000 ರೂ. ಗೌರವಧನ ಸಿಗಲಿದೆ. ಈ ಕಡೆ 2 ಸಹಾಯಕಿಯರನ್ನು ಸಹ ಸೇವೆಗೆ ಸಂಬಂಧಿಸಿದ ಆದೇಶ ಹೊರಬಂದಿದೆ ಎಂದು ಮಾಹಿತಿ ನೀಡಿದರು.

ಬಟ್ಟಿಯಲ್ಲಿ ಒಟ್ಟು 4199 ಅಂಗನವಾಡಿಗಳಲ್ಲಿ 3378 ಅಂಗನವಾಡಿ ಕೇಂದ್ರಗಳು ಮತ್ತು ಸಿಬ್ಬಂದಿಗಳು ಕಾರ್ಯ ನಿರ್ವಹಿಸುತ್ತಿವೆ.

ಸ್ವತಃ ಕಟ್ಟಡಗಳು ನಿರ್ಮಾಣಗೊಂಡಿದೆ. ಅಂಗನವಾಡಿ ಕೇಂದ್ರಗಳಲ್ಲಿ ಮಕ್ಕಳಿಗೆ ಗುಣಮಟ್ಟದ ಆಹಾರ, ಶಿಕ್ಷಣ, ಆರೋಗ್ಯ ಸೇವೆ ಒದಗಿಸಲಾಗುತ್ತಿದೆ. ಈ ಕೇಂದ್ರಗಳಲ್ಲಿ ಕೆಲಸ ಮಾಡುವ ಸಿಬ್ಬಂದಿಗಳಿಗೆ ಉತ್ತಮ ಸೌಲಭ್ಯಗಳನ್ನು ನೀಡುವುದು ನಮ್ಮ ಸರ್ಕಾರದ ಬದ್ಧತೆ ಎಂದು ಅವರು ಪ್ರತಿಪಾದಿಸಿದರು.

ಹಾಸನ, ಗುಲ್ಬರ್ಗಾ ಆದಿಯಾಗಿ ಸಮೀಕ್ಷೆಯನ್ನು ಮಾಡಲಾಗಿದೆ ಎಂದು ಅಂಗನವಾಡಿ ಕೇಂದ್ರಗಳ ಉನ್ನತೀಕರಣಕ್ಕಾಗಿ ವಿಶೇಷ ಯೋಜನೆ ರೂಪಿಸಲಾಗುವುದು ಎಂದರು. ಅಂಗನವಾಡಿ ಕಾರ್ಯಕರ್ತೆಯರು ನಿರ್ವಹಿಸುತ್ತಿರುವ ಸೇವೆ ಅಮೂಲ್ಯವಾದುದು. ಅವರಿಗೆ ಸಿಗುವ ಸೌಲಭ್ಯಗಳನ್ನು ಇನ್ನೂ ಹೆಚ್ಚಿಸುವ ಬಗ್ಗೆ ಸರ್ಕಾರ ಚಿಂತನೆ ನಡೆಸುತ್ತಿದೆ ಎಂದು ಹೇಳಿದರು.

ಮಾರ್ಚ್ ದಿನಾಂಕದಲ್ಲಿ ಮಕ್ಕಳ ಸಂಖ್ಯೆ ಹೆಚ್ಚುಗಾರಿಕೆ ಪರಿಣಾಮಗಳಾಗಿ ಅಂಗನವಾಡಿ ಕೇಂದ್ರಗಳಲ್ಲಿ ದಾಖಲಾತಿ ಎಂದು ಸೂಚಿಸಿ ನೀಡಿದರು. ಈ ಸಂದರ್ಭದಲ್ಲಿ ಮಹಿಳಾ ಮತ್ತು ಮಕ್ಕಳ ಅಭಿವೃದ್ಧಿ ಇಲಾಖೆಯ ಅಧಿಕಾರಿಗಳು ಉಪಸ್ಥಿತರಿದ್ದರು.

ಈ ಸಂದರ್ಭದಲ್ಲಿ ಜಿಲ್ಲೆಯ ವಿವಿಧ ಕಾರ್ಯಕರ್ತೆಯರು ಗೌರವಧನ ಹೆಚ್ಚಳಕ್ಕೆ ಸರ್ಕಾರಕ್ಕೆ ಧನ್ಯವಾದ ಸಲ್ಲಿಸಿದರು. ಒಟ್ಟು 212 ಕಾರ್ಯಕರ್ತೆಯರು ಕಾರ್ಯಕ್ರಮದಲ್ಲಿ ಭಾಗವಹಿಸಿದ್ದರು.

ಅಂಗನವಾಡಿ ಕಾರ್ಯಕರ್ತೆಯರಿಗೆ ಹಾಗೂ ಸಹಾಯಕಿಯರಿಗೆ ಗೌರವ ಧನ ಹೆಚ್ಚಳದ ಆದೇಶ ಪ್ರಕಟಿಸಿದ ಸಂದರ್ಭದಲ್ಲಿ ಗೃಹ ಸಚಿವ ಡಾ.ಜಿ.ಪರಮೇಶ್ವರ.
